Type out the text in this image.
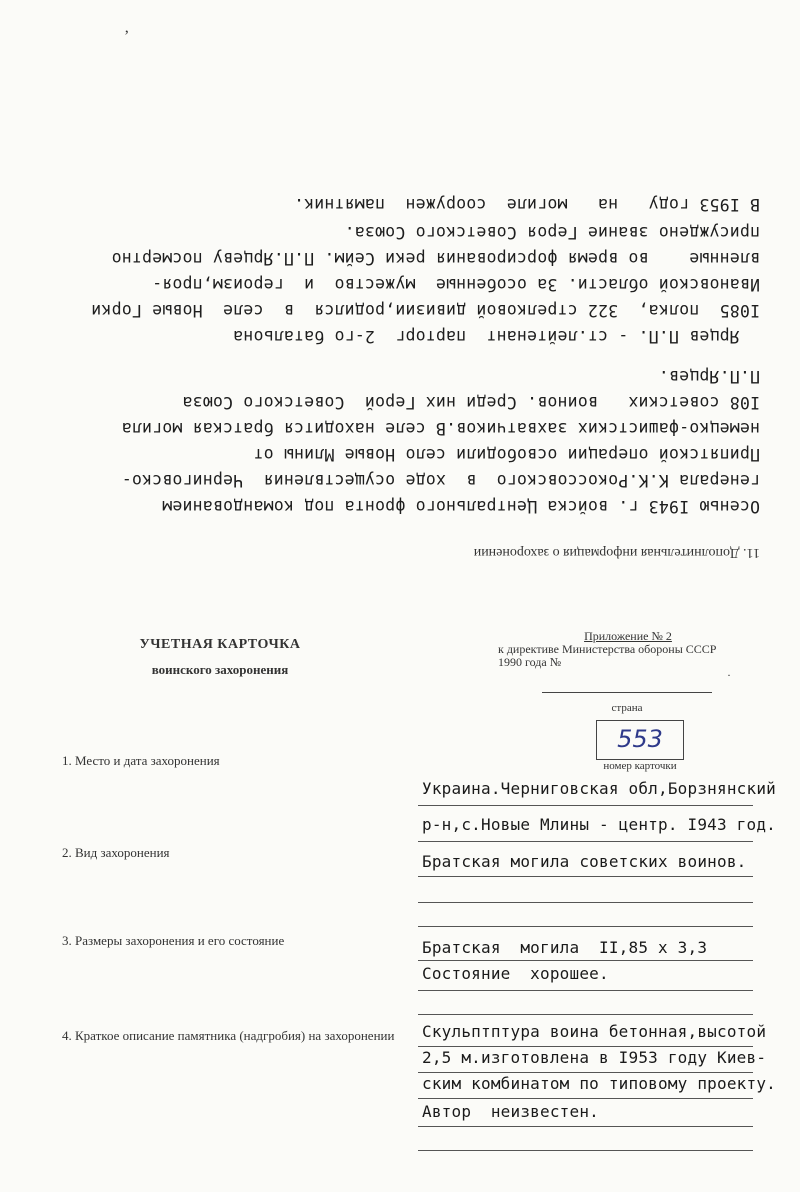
11. Дополнительная информация о захоронении
Осенью I943 г. войска Центрального фронта под командованием
генерала К.К.Рокоссовского  в  ходе осуществления  Черниговско-
Припятской операции освободили село Новые Млины от
немецко-фашистских захватчиков.В селе находится братская могила
I08 советских   воинов. Среди них Герой  Советского Союза
П.П.Ярцев.
Ярцев П.П. - ст.лейтенант  парторг  2-го батальона
I085  полка,  322 стрелковой дивизии,родился  в  селе  Новые Горки
Ивановской области. За особенные  мужество  и  героизм,проя-
вленные    во время форсирования реки Сейм. П.П.Ярцеву посмертно
присуждено звание Героя Советского Союза.
В I953 году   на   могиле  сооружен  памятник.
ʼ
·
УЧЕТНАЯ КАРТОЧКА
воинского захоронения
Приложение № 2
к директиве Министерства обороны СССР
1990 года №
страна
553
номер карточки
1. Место и дата захоронения
Украина.Черниговская обл,Борзнянский
р-н,с.Новые Млины - центр. I943 год.
2. Вид захоронения	Братская могила советских воинов.
3. Размеры захоронения и его состояние	Братская  могила  II,85 х 3,3
Состояние  хорошее.
4. Краткое описание памятника (надгробия) на захоронении	Скульптптура воина бетонная,высотой
2,5 м.изготовлена в I953 году Киев-
ским комбинатом по типовому проекту.
Автор  неизвестен.
